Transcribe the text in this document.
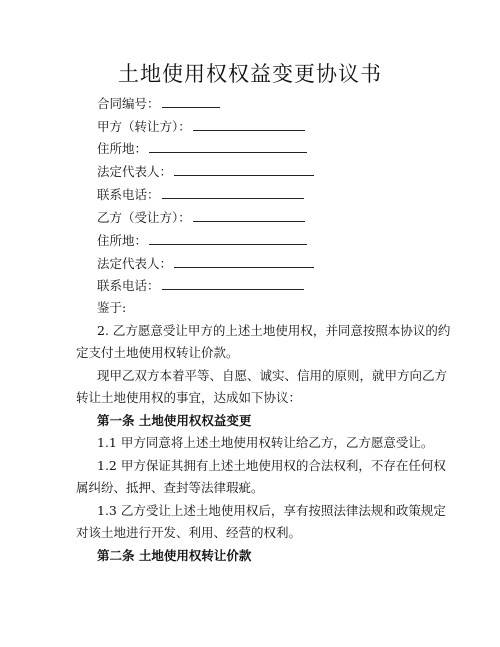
土地使用权权益变更协议书
合同编号：
甲方（转让方）：
住所地：
法定代表人：
联系电话：
乙方（受让方）：
住所地：
法定代表人：
联系电话：
鉴于:
2. 乙方愿意受让甲方的上述土地使用权，并同意按照本协议的约
定支付土地使用权转让价款。
现甲乙双方本着平等、自愿、诚实、信用的原则，就甲方向乙方
转让土地使用权的事宜，达成如下协议：
第一条 土地使用权权益变更
1.1 甲方同意将上述土地使用权转让给乙方，乙方愿意受让。
1.2 甲方保证其拥有上述土地使用权的合法权利，不存在任何权
属纠纷、抵押、查封等法律瑕疵。
1.3 乙方受让上述土地使用权后，享有按照法律法规和政策规定
对该土地进行开发、利用、经营的权利。
第二条 土地使用权转让价款
